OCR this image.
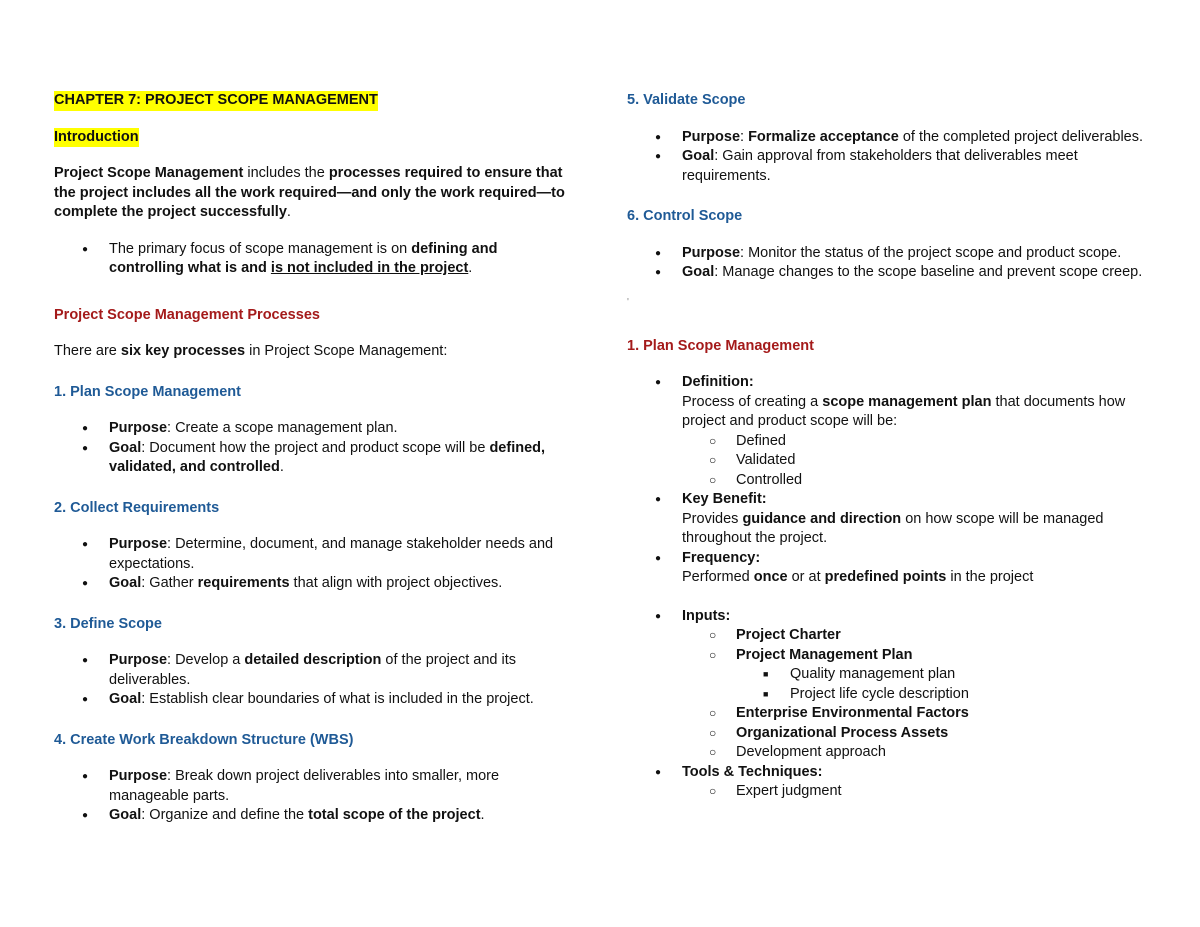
CHAPTER 7: PROJECT SCOPE MANAGEMENT

Introduction

Project Scope Management includes the processes required to ensure that the project includes all the work required—and only the work required—to complete the project successfully.

● The primary focus of scope management is on defining and controlling what is and is not included in the project.

Project Scope Management Processes

There are six key processes in Project Scope Management:

1. Plan Scope Management

● Purpose: Create a scope management plan.
● Goal: Document how the project and product scope will be defined, validated, and controlled.

2. Collect Requirements

● Purpose: Determine, document, and manage stakeholder needs and expectations.
● Goal: Gather requirements that align with project objectives.

3. Define Scope

● Purpose: Develop a detailed description of the project and its deliverables.
● Goal: Establish clear boundaries of what is included in the project.

4. Create Work Breakdown Structure (WBS)

● Purpose: Break down project deliverables into smaller, more manageable parts.
● Goal: Organize and define the total scope of the project.

5. Validate Scope

● Purpose: Formalize acceptance of the completed project deliverables.
● Goal: Gain approval from stakeholders that deliverables meet requirements.

6. Control Scope

● Purpose: Monitor the status of the project scope and product scope.
● Goal: Manage changes to the scope baseline and prevent scope creep.

'

1. Plan Scope Management

● Definition:
Process of creating a scope management plan that documents how project and product scope will be:
○ Defined
○ Validated
○ Controlled
● Key Benefit:
Provides guidance and direction on how scope will be managed throughout the project.
● Frequency:
Performed once or at predefined points in the project
● Inputs:
○ Project Charter
○ Project Management Plan
■ Quality management plan
■ Project life cycle description
○ Enterprise Environmental Factors
○ Organizational Process Assets
○ Development approach
● Tools & Techniques:
○ Expert judgment
